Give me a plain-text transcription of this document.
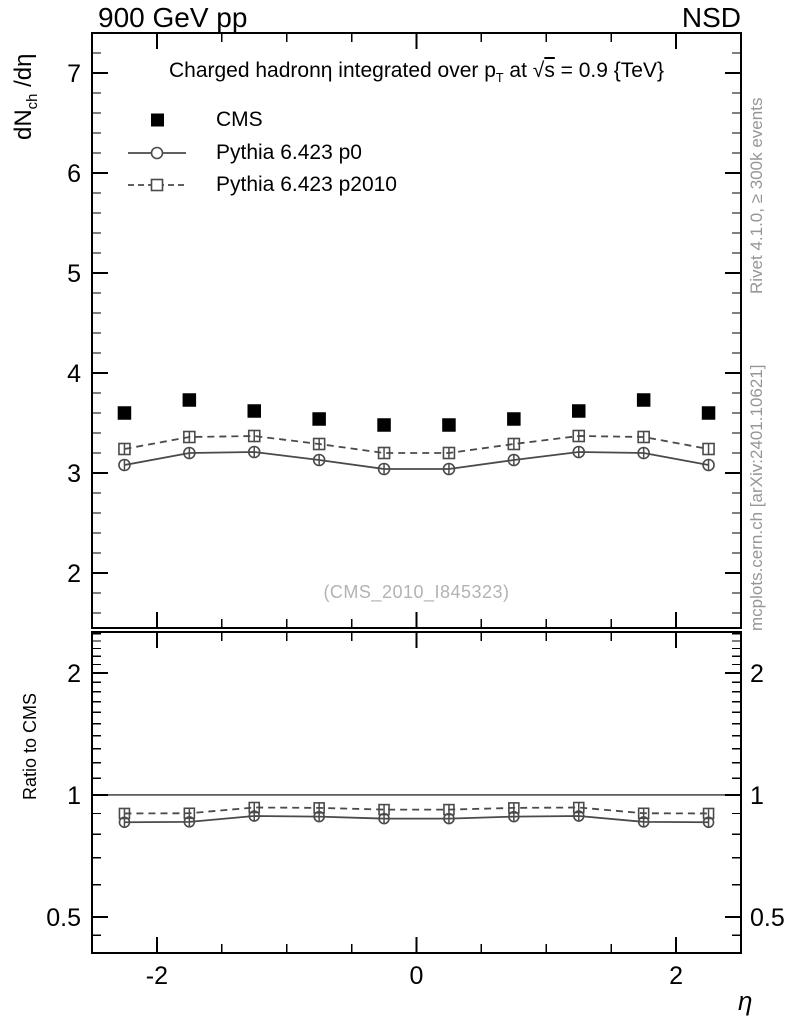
-2	0	2
2
3
4
5
6
7
0.5	0.5
1	1
2	2
900 GeV pp	NSD
$dN_{ch}$ /dη	Charged hadronη integrated over $p_T$ at √s = 0.9 {TeV}
CMS
Pythia 6.423 p0
Pythia 6.423 p2010
(CMS_2010_I845323)
Ratio to CMS
Rivet 4.1.0, ≥ 300k events
mcplots.cern.ch [arXiv:2401.10621]
η
